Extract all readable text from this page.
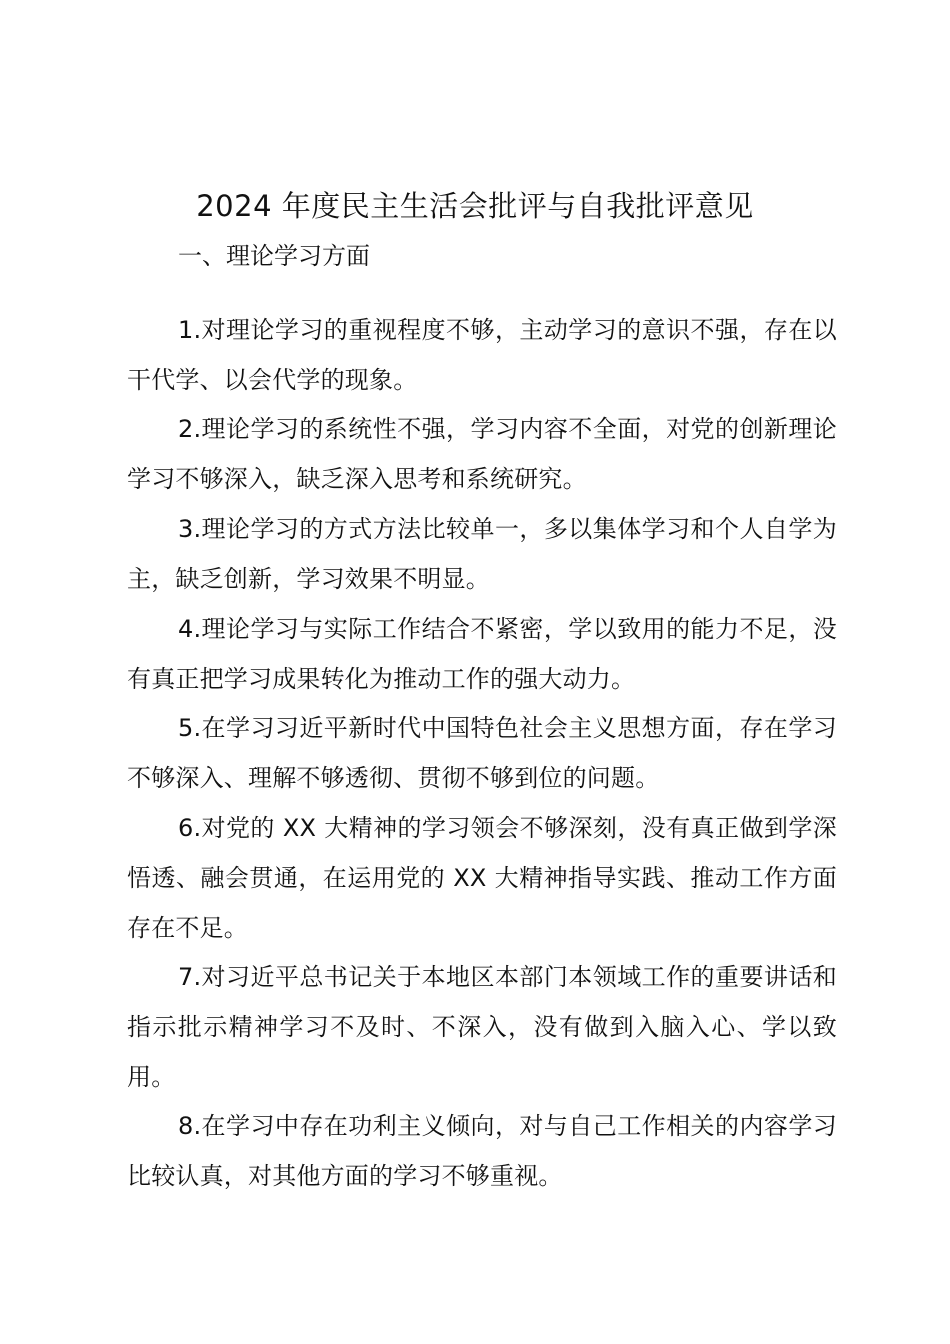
2024 年度民主生活会批评与自我批评意见
一、理论学习方面

1.对理论学习的重视程度不够，主动学习的意识不强，存在以干代学、以会代学的现象。

2.理论学习的系统性不强，学习内容不全面，对党的创新理论学习不够深入，缺乏深入思考和系统研究。

3.理论学习的方式方法比较单一，多以集体学习和个人自学为主，缺乏创新，学习效果不明显。

4.理论学习与实际工作结合不紧密，学以致用的能力不足，没有真正把学习成果转化为推动工作的强大动力。

5.在学习习近平新时代中国特色社会主义思想方面，存在学习不够深入、理解不够透彻、贯彻不够到位的问题。

6.对党的 XX 大精神的学习领会不够深刻，没有真正做到学深悟透、融会贯通，在运用党的 XX 大精神指导实践、推动工作方面存在不足。

7.对习近平总书记关于本地区本部门本领域工作的重要讲话和指示批示精神学习不及时、不深入，没有做到入脑入心、学以致用。

8.在学习中存在功利主义倾向，对与自己工作相关的内容学习比较认真，对其他方面的学习不够重视。
